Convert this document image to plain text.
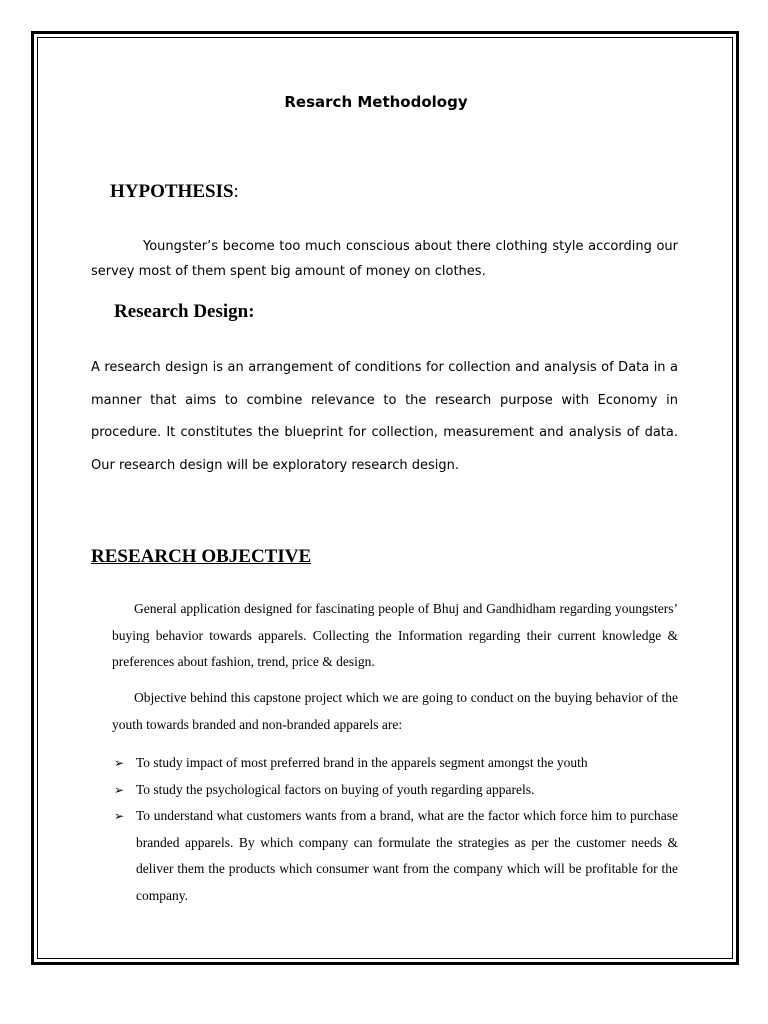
Resarch Methodology
HYPOTHESIS:

Youngster’s become too much conscious about there clothing style according our servey most of them spent big amount of money on clothes.

Research Design:

A research design is an arrangement of conditions for collection and analysis of Data in a manner that aims to combine relevance to the research purpose with Economy in procedure. It constitutes the blueprint for collection, measurement and analysis of data. Our research design will be exploratory research design.

RESEARCH OBJECTIVE

General application designed for fascinating people of Bhuj and Gandhidham regarding youngsters’ buying behavior towards apparels. Collecting the Information regarding their current knowledge & preferences about fashion, trend, price & design.

Objective behind this capstone project which we are going to conduct on the buying behavior of the youth towards branded and non-branded apparels are:

➢ To study impact of most preferred brand in the apparels segment amongst the youth
➢ To study the psychological factors on buying of youth regarding apparels.
➢ To understand what customers wants from a brand, what are the factor which force him to purchase branded apparels. By which company can formulate the strategies as per the customer needs & deliver them the products which consumer want from the company which will be profitable for the company.
